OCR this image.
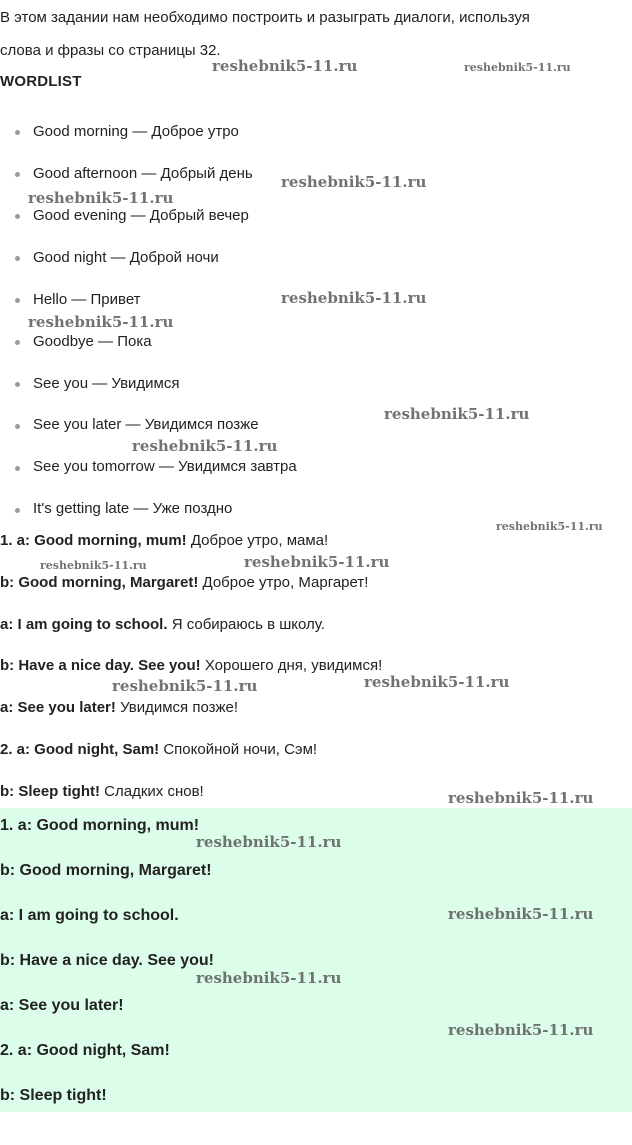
В этом задании нам необходимо построить и разыграть диалоги, используя
слова и фразы со страницы 32.
WORDLIST
Good morning — Доброе утро
Good afternoon — Добрый день
Good evening — Добрый вечер
Good night — Доброй ночи
Hello — Привет
Goodbye — Пока
See you — Увидимся
See you later — Увидимся позже
See you tomorrow — Увидимся завтра
It's getting late — Уже поздно
1. a: Good morning, mum! Доброе утро, мама!
b: Good morning, Margaret! Доброе утро, Маргарет!
a: I am going to school. Я собираюсь в школу.
b: Have a nice day. See you! Хорошего дня, увидимся!
a: See you later! Увидимся позже!
2. a: Good night, Sam! Спокойной ночи, Сэм!
b: Sleep tight! Сладких снов!
1. a: Good morning, mum!
b: Good morning, Margaret!
a: I am going to school.
b: Have a nice day. See you!
a: See you later!
2. a: Good night, Sam!
b: Sleep tight!
reshebnik5-11.ru	reshebnik5-11.ru
reshebnik5-11.ru
reshebnik5-11.ru
reshebnik5-11.ru
reshebnik5-11.ru
reshebnik5-11.ru
reshebnik5-11.ru
reshebnik5-11.ru
reshebnik5-11.ru	reshebnik5-11.ru
reshebnik5-11.ru	reshebnik5-11.ru
reshebnik5-11.ru
reshebnik5-11.ru
reshebnik5-11.ru
reshebnik5-11.ru
reshebnik5-11.ru
